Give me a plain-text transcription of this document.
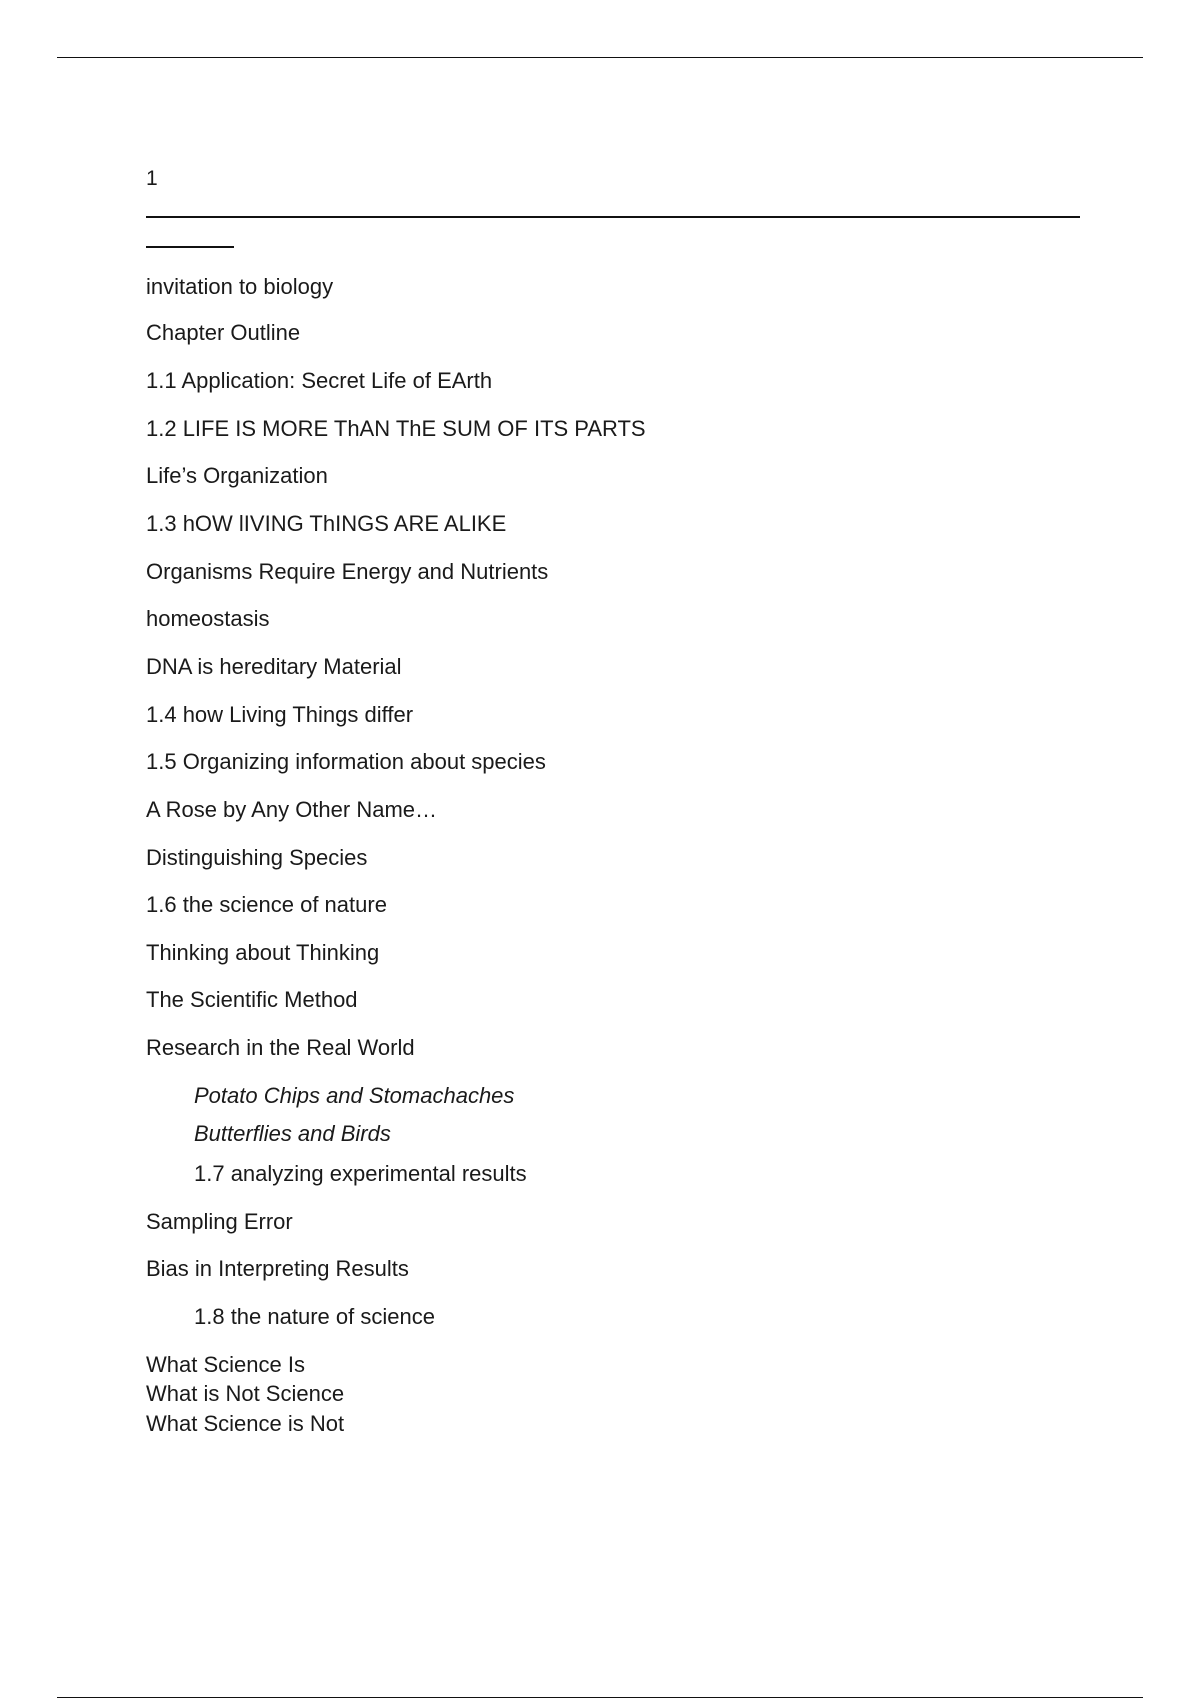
1
invitation to biology
Chapter Outline
1.1 Application: Secret Life of EArth
1.2 LIFE IS MORE ThAN ThE SUM OF ITS PARTS
Life’s Organization
1.3 hOW lIVING ThINGS ARE ALIKE
Organisms Require Energy and Nutrients
homeostasis
DNA is hereditary Material
1.4 how Living Things differ
1.5 Organizing information about species
A Rose by Any Other Name…
Distinguishing Species
1.6 the science of nature
Thinking about Thinking
The Scientific Method
Research in the Real World
Potato Chips and Stomachaches
Butterflies and Birds
1.7 analyzing experimental results
Sampling Error
Bias in Interpreting Results
1.8 the nature of science
What Science Is
What is Not Science
What Science is Not
